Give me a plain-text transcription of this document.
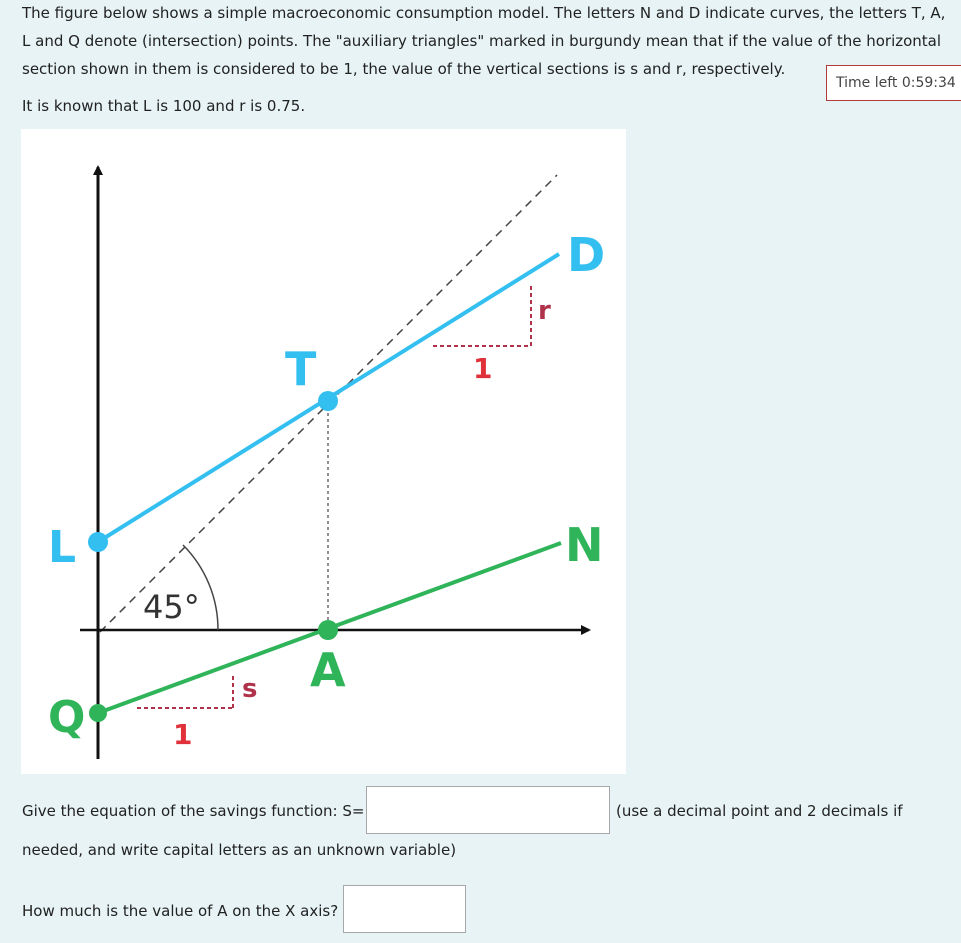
The figure below shows a simple macroeconomic consumption model. The letters N and D indicate curves, the letters T, A,
L and Q denote (intersection) points. The "auxiliary triangles" marked in burgundy mean that if the value of the horizontal
section shown in them is considered to be 1, the value of the vertical sections is s and r, respectively.
It is known that L is 100 and r is 0.75.
Time left 0:59:34
T
D
L	N
A
Q
r
s
1
1
45°
Give the equation of the savings function: S=	(use a decimal point and 2 decimals if
needed, and write capital letters as an unknown variable)
How much is the value of A on the X axis?
